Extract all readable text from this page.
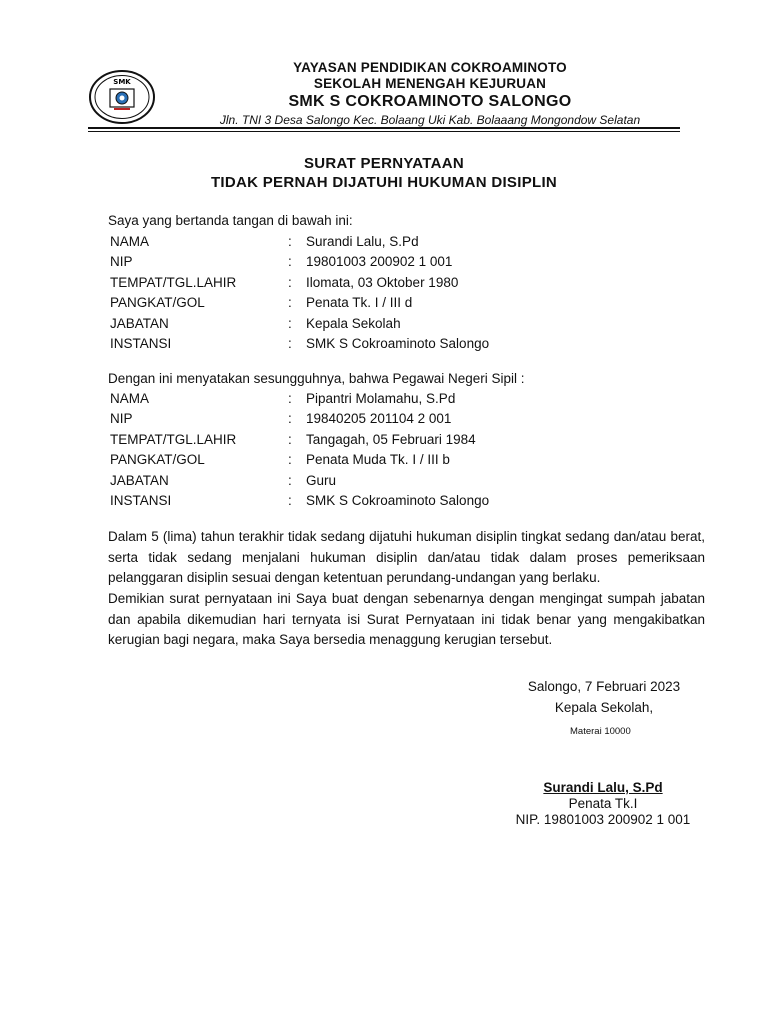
SMK
YAYASAN PENDIDIKAN COKROAMINOTO
SEKOLAH MENENGAH KEJURUAN
SMK S COKROAMINOTO SALONGO
Jln. TNI 3 Desa Salongo Kec. Bolaang Uki Kab. Bolaaang Mongondow Selatan
SURAT PERNYATAAN
TIDAK PERNAH DIJATUHI HUKUMAN DISIPLIN
Saya yang bertanda tangan di bawah ini:
NAMA	:	Surandi Lalu, S.Pd
NIP	:	19801003 200902 1 001
TEMPAT/TGL.LAHIR	:	Ilomata, 03 Oktober 1980
PANGKAT/GOL	:	Penata Tk. I / III d
JABATAN	:	Kepala Sekolah
INSTANSI	:	SMK S Cokroaminoto Salongo
Dengan ini menyatakan sesungguhnya, bahwa Pegawai Negeri Sipil :
NAMA	:	Pipantri Molamahu, S.Pd
NIP	:	19840205 201104 2 001
TEMPAT/TGL.LAHIR	:	Tangagah, 05 Februari 1984
PANGKAT/GOL	:	Penata Muda Tk. I / III b
JABATAN	:	Guru
INSTANSI	:	SMK S Cokroaminoto Salongo
Dalam 5 (lima) tahun terakhir tidak sedang dijatuhi hukuman disiplin tingkat sedang dan/atau berat, serta tidak sedang menjalani hukuman disiplin dan/atau tidak dalam proses pemeriksaan pelanggaran disiplin sesuai dengan ketentuan perundang-undangan yang berlaku.
Demikian surat pernyataan ini Saya buat dengan sebenarnya dengan mengingat sumpah jabatan dan apabila dikemudian hari ternyata isi Surat Pernyataan ini tidak benar yang mengakibatkan kerugian bagi negara, maka Saya bersedia menaggung kerugian tersebut.
Salongo, 7 Februari 2023
Kepala Sekolah,
Materai 10000
Surandi Lalu, S.Pd
Penata Tk.I
NIP. 19801003 200902 1 001
